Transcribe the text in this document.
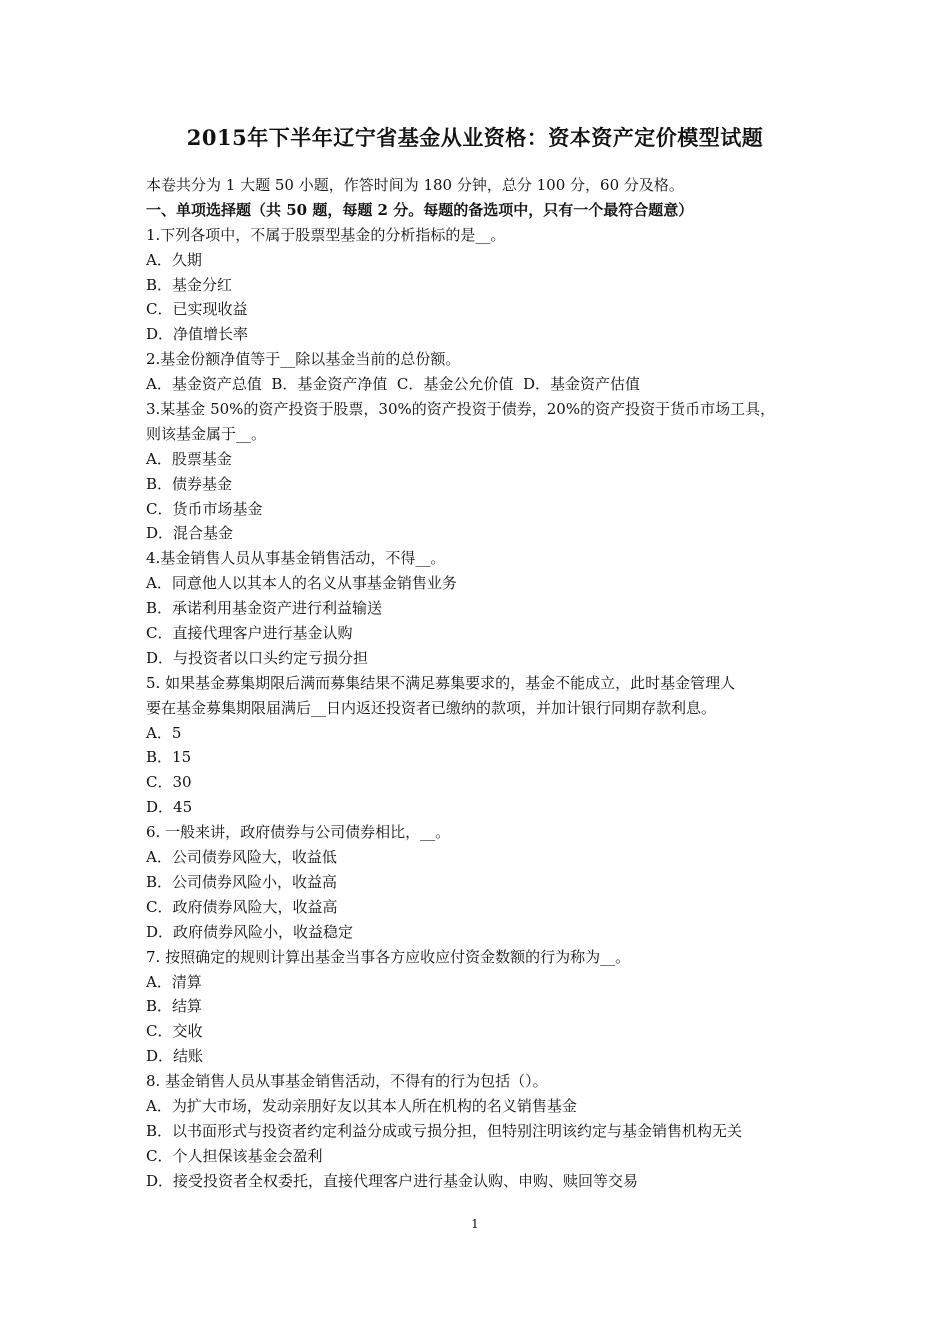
2015年下半年辽宁省基金从业资格：资本资产定价模型试题
本卷共分为 1 大题 50 小题，作答时间为 180 分钟，总分 100 分，60 分及格。
一、单项选择题（共 50 题，每题 2 分。每题的备选项中，只有一个最符合题意）
1.下列各项中，不属于股票型基金的分析指标的是__。
A．久期
B．基金分红
C．已实现收益
D．净值增长率
2.基金份额净值等于__除以基金当前的总份额。
A．基金资产总值  B．基金资产净值  C．基金公允价值  D．基金资产估值
3.某基金 50%的资产投资于股票，30%的资产投资于债券，20%的资产投资于货币市场工具，
则该基金属于__。
A．股票基金
B．债券基金
C．货币市场基金
D．混合基金
4.基金销售人员从事基金销售活动，不得__。
A．同意他人以其本人的名义从事基金销售业务
B．承诺利用基金资产进行利益输送
C．直接代理客户进行基金认购
D．与投资者以口头约定亏损分担
5. 如果基金募集期限后满而募集结果不满足募集要求的，基金不能成立，此时基金管理人
要在基金募集期限届满后__日内返还投资者已缴纳的款项，并加计银行同期存款利息。
A．5
B．15
C．30
D．45
6. 一般来讲，政府债券与公司债券相比，__。
A．公司债券风险大，收益低
B．公司债券风险小，收益高
C．政府债券风险大，收益高
D．政府债券风险小，收益稳定
7. 按照确定的规则计算出基金当事各方应收应付资金数额的行为称为__。
A．清算
B．结算
C．交收
D．结账
8. 基金销售人员从事基金销售活动，不得有的行为包括（）。
A．为扩大市场，发动亲朋好友以其本人所在机构的名义销售基金
B．以书面形式与投资者约定利益分成或亏损分担，但特别注明该约定与基金销售机构无关
C．个人担保该基金会盈利
D．接受投资者全权委托，直接代理客户进行基金认购、申购、赎回等交易
1
